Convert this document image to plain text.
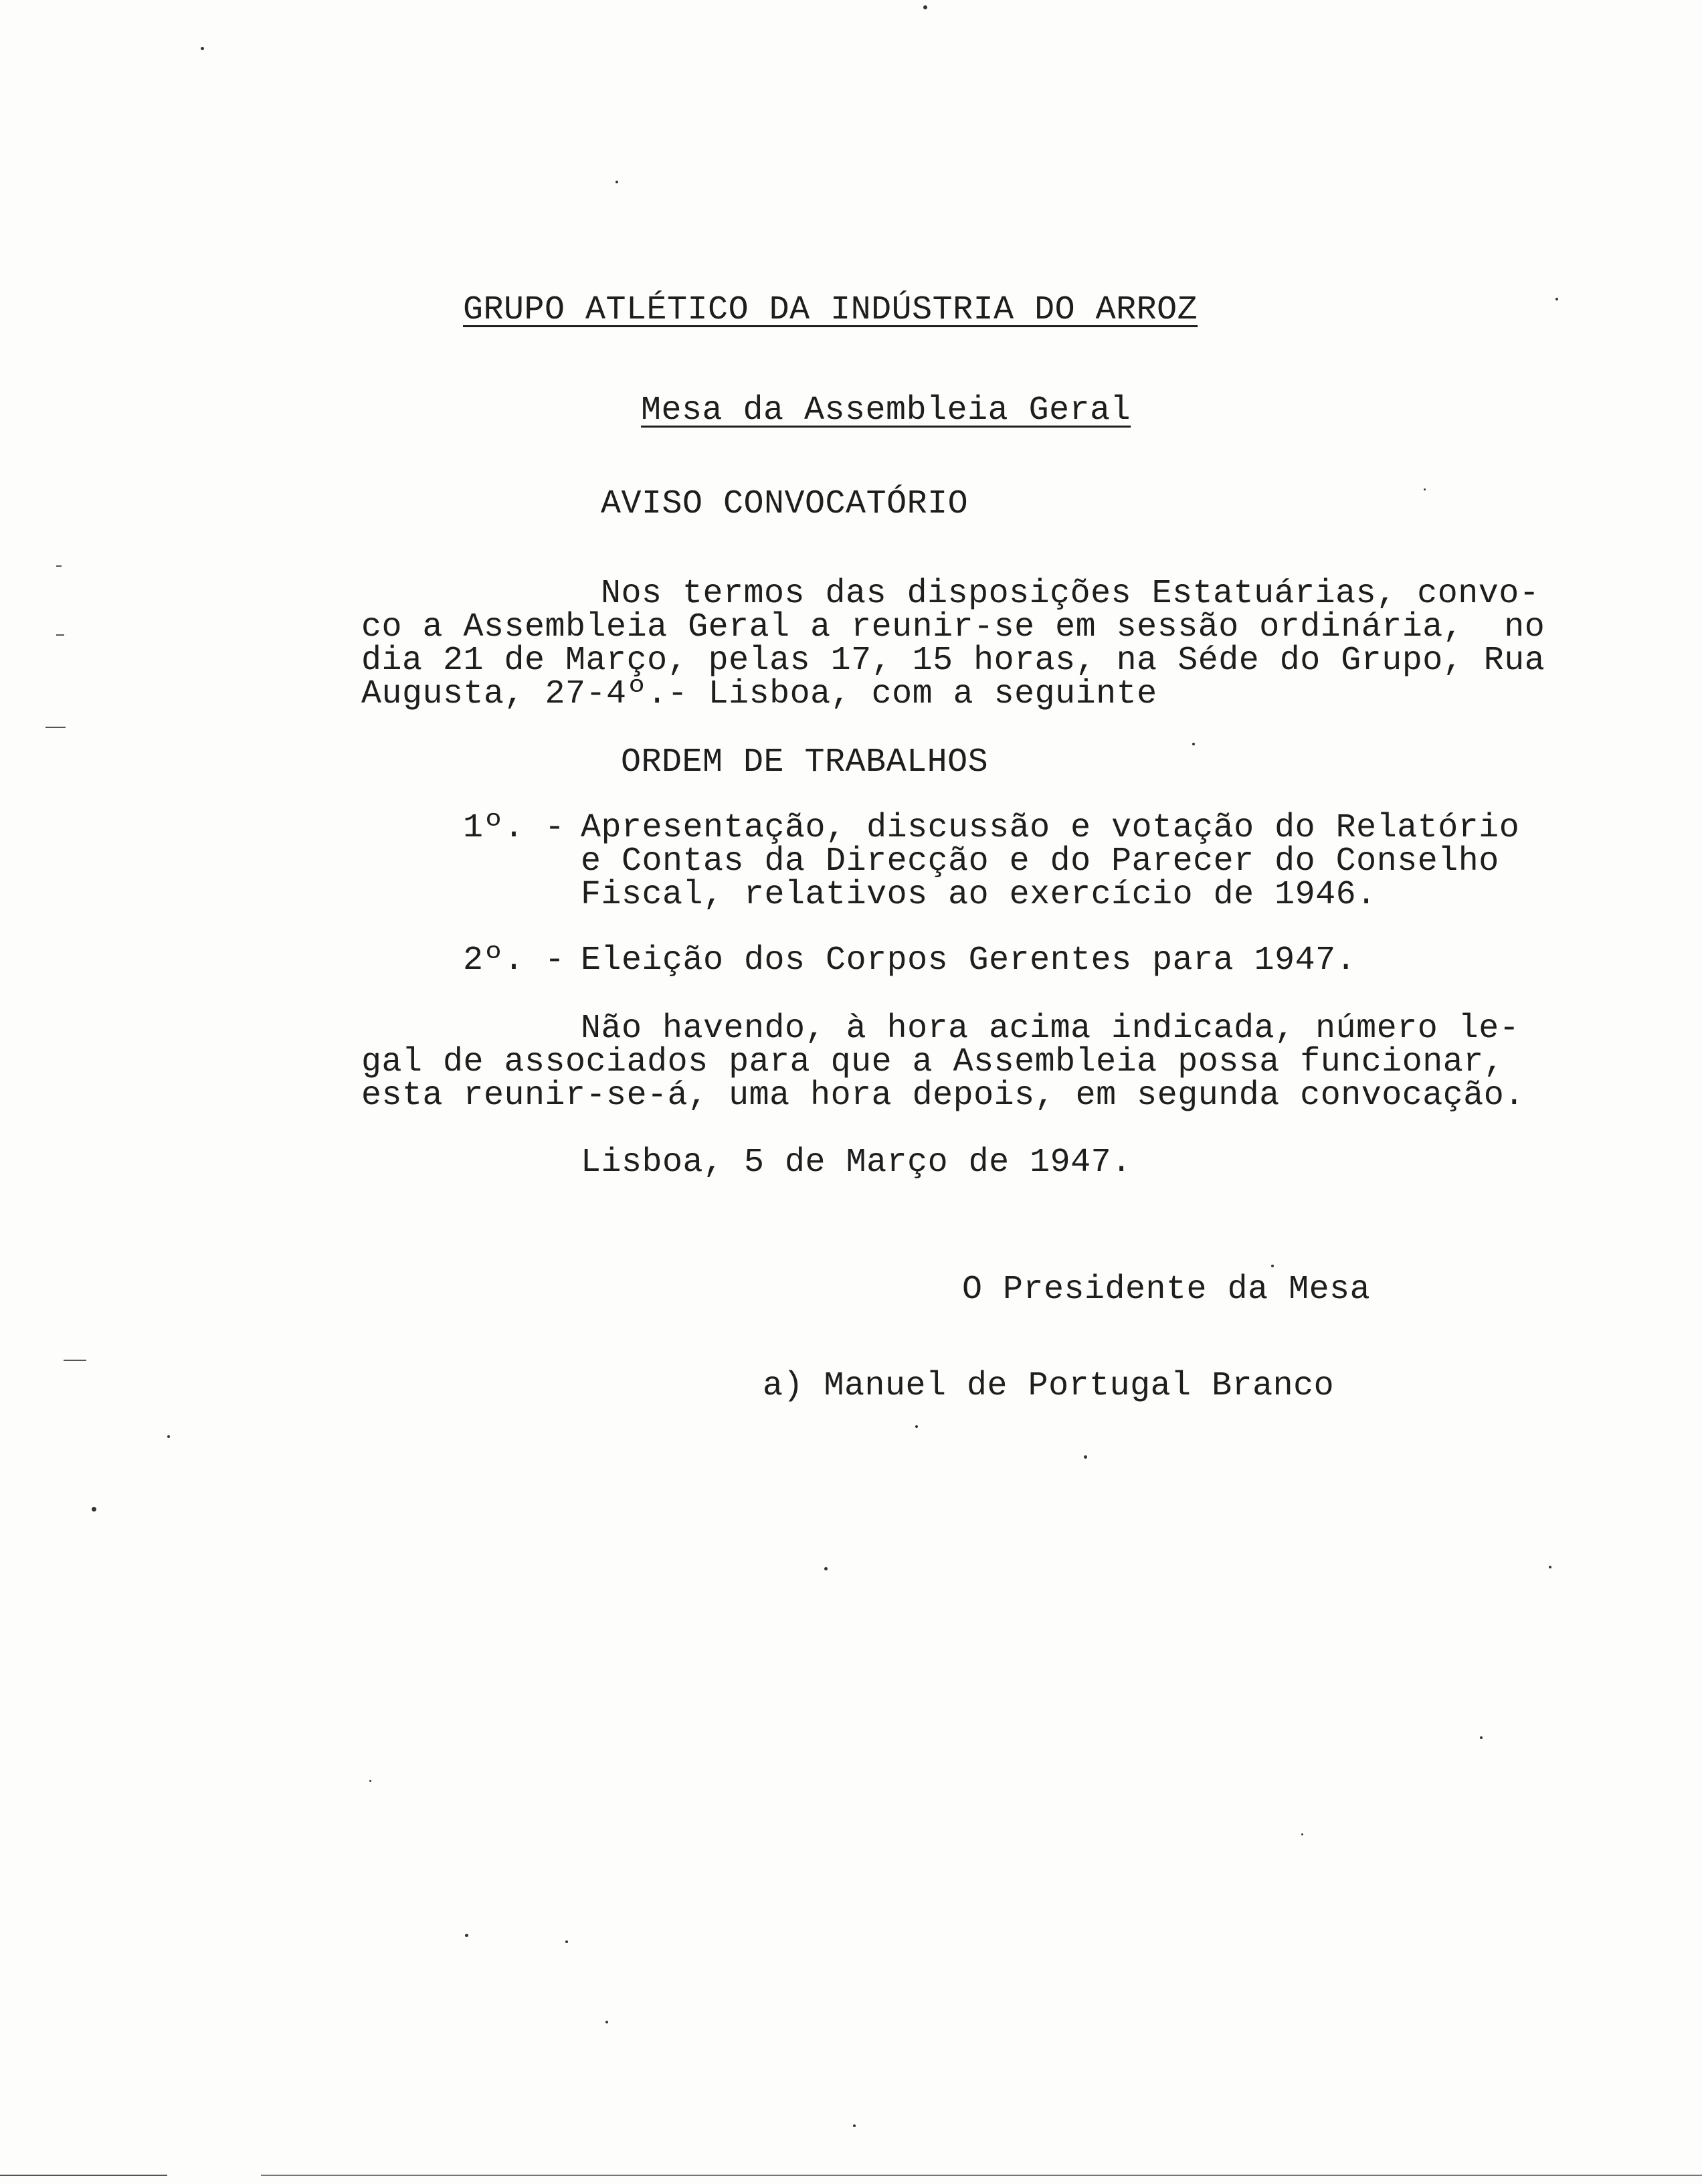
GRUPO ATLÉTICO DA INDÚSTRIA DO ARROZ
Mesa da Assembleia Geral
AVISO CONVOCATÓRIO
Nos termos das disposições Estatuárias, convo-
co a Assembleia Geral a reunir-se em sessão ordinária,  no
dia 21 de Março, pelas 17, 15 horas, na Séde do Grupo, Rua
Augusta, 27-4º.- Lisboa, com a seguinte
ORDEM DE TRABALHOS
1º. - Apresentação, discussão e votação do Relatório
e Contas da Direcção e do Parecer do Conselho
Fiscal, relativos ao exercício de 1946.
2º. - Eleição dos Corpos Gerentes para 1947.
Não havendo, à hora acima indicada, número le-
gal de associados para que a Assembleia possa funcionar,
esta reunir-se-á, uma hora depois, em segunda convocação.
Lisboa, 5 de Março de 1947.
O Presidente da Mesa
a) Manuel de Portugal Branco
